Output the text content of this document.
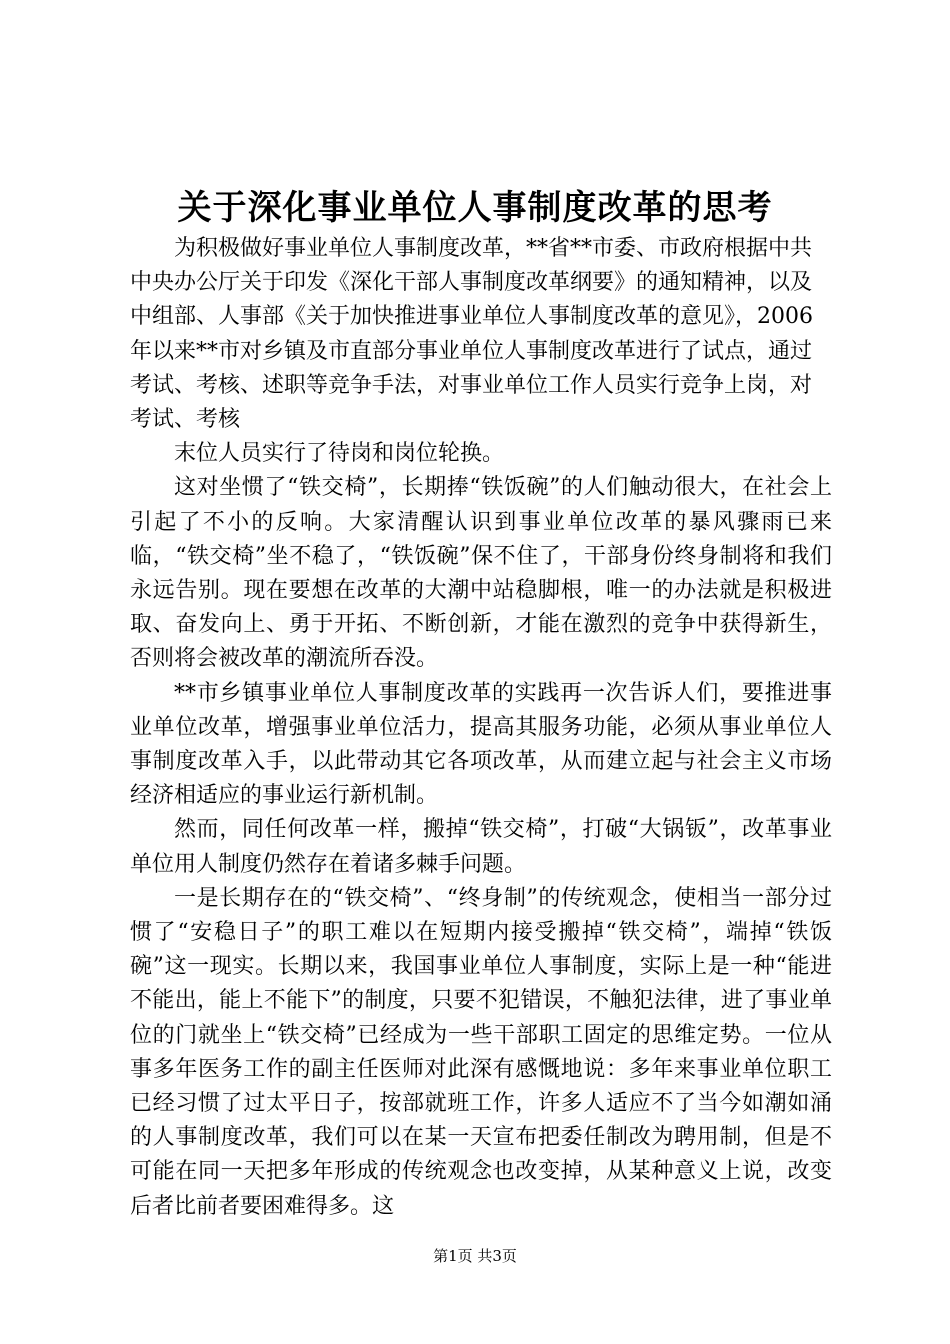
关于深化事业单位人事制度改革的思考

为积极做好事业单位人事制度改革，**省**市委、市政府根据中共中央办公厅关于印发《深化干部人事制度改革纲要》的通知精神，以及中组部、人事部《关于加快推进事业单位人事制度改革的意见》，2006年以来**市对乡镇及市直部分事业单位人事制度改革进行了试点，通过考试、考核、述职等竞争手法，对事业单位工作人员实行竞争上岗，对考试、考核

末位人员实行了待岗和岗位轮换。

这对坐惯了“铁交椅”，长期捧“铁饭碗”的人们触动很大，在社会上引起了不小的反响。大家清醒认识到事业单位改革的暴风骤雨已来临，“铁交椅”坐不稳了，“铁饭碗”保不住了，干部身份终身制将和我们永远告别。现在要想在改革的大潮中站稳脚根，唯一的办法就是积极进取、奋发向上、勇于开拓、不断创新，才能在激烈的竞争中获得新生，否则将会被改革的潮流所吞没。

**市乡镇事业单位人事制度改革的实践再一次告诉人们，要推进事业单位改革，增强事业单位活力，提高其服务功能，必须从事业单位人事制度改革入手，以此带动其它各项改革，从而建立起与社会主义市场经济相适应的事业运行新机制。

然而，同任何改革一样，搬掉“铁交椅”，打破“大锅钣”，改革事业单位用人制度仍然存在着诸多棘手问题。

一是长期存在的“铁交椅”、“终身制”的传统观念，使相当一部分过惯了“安稳日子”的职工难以在短期内接受搬掉“铁交椅”，端掉“铁饭碗”这一现实。长期以来，我国事业单位人事制度，实际上是一种“能进不能出，能上不能下”的制度，只要不犯错误，不触犯法律，进了事业单位的门就坐上“铁交椅”已经成为一些干部职工固定的思维定势。一位从事多年医务工作的副主任医师对此深有感慨地说：多年来事业单位职工已经习惯了过太平日子，按部就班工作，许多人适应不了当今如潮如涌的人事制度改革，我们可以在某一天宣布把委任制改为聘用制，但是不可能在同一天把多年形成的传统观念也改变掉，从某种意义上说，改变后者比前者要困难得多。这

第1页 共3页
